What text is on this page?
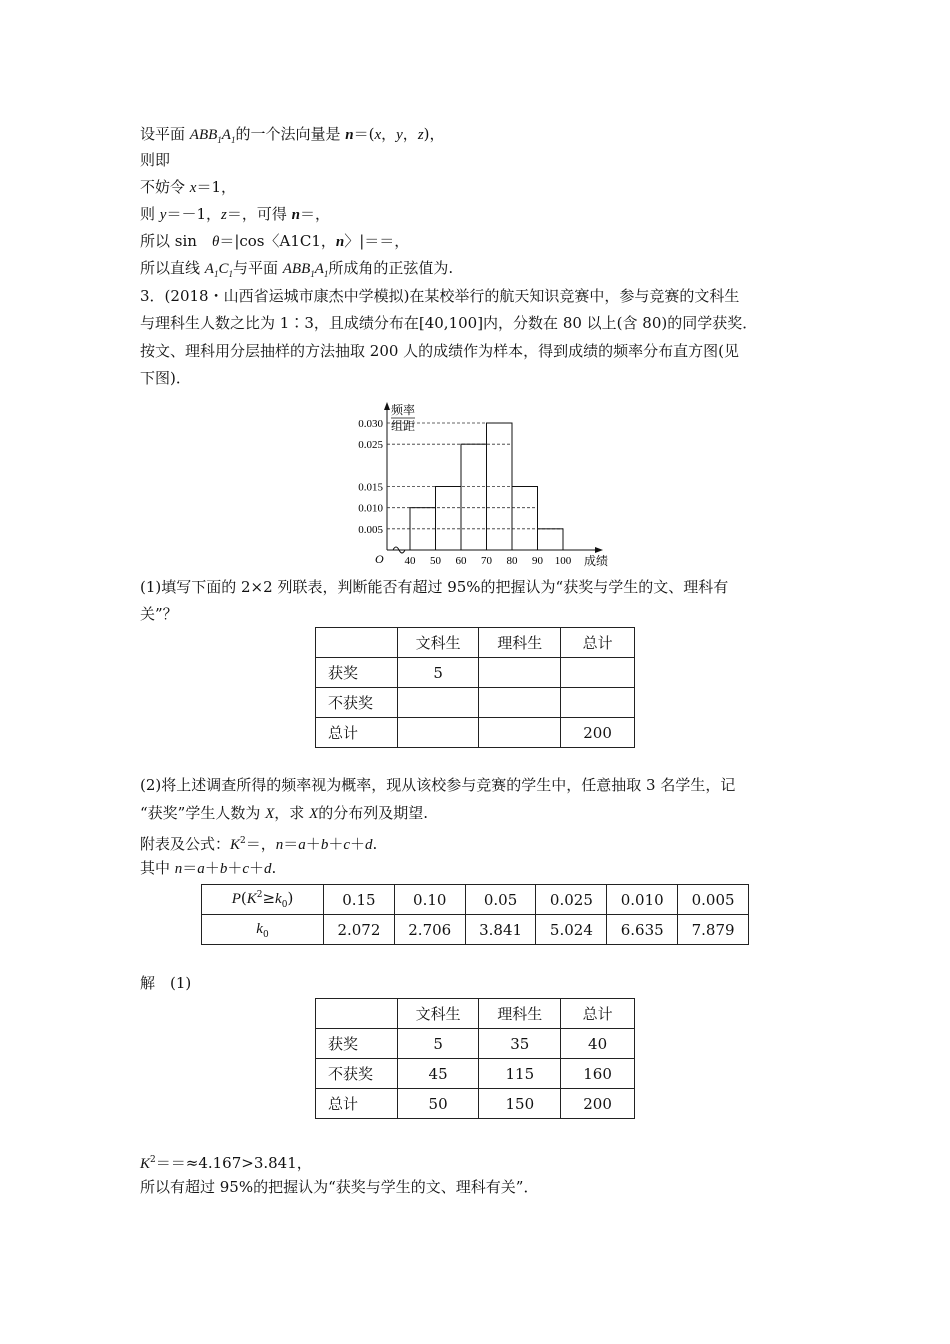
设平面 $ABB_1A_1$的一个法向量是 n＝(x，y，z)，
则即
不妨令 x＝1，
则 y＝－1，z＝，可得 n＝，
所以 sin　θ＝|cos〈A1C1，n〉|＝＝，
所以直线 $A_1C_1$与平面 $ABB_1A_1$所成角的正弦值为.
3．(2018・山西省运城市康杰中学模拟)在某校举行的航天知识竞赛中，参与竞赛的文科生
与理科生人数之比为 1∶3，且成绩分布在[40,100]内，分数在 80 以上(含 80)的同学获奖．
按文、理科用分层抽样的方法抽取 200 人的成绩作为样本，得到成绩的频率分布直方图(见
下图)．
频率
组距
O	成绩
0.005
0.010
0.015
0.025
0.030
40 50 60 70 80 90 100
(1)填写下面的 2×2 列联表，判断能否有超过 95%的把握认为“获奖与学生的文、理科有
关”？
	文科生	理科生	总计
获奖	5		
不获奖			
总计			200
(2)将上述调查所得的频率视为概率，现从该校参与竞赛的学生中，任意抽取 3 名学生，记
“获奖”学生人数为 X，求 X的分布列及期望.
附表及公式：$K^2=$，n＝a＋b＋c＋d.
其中 n＝a＋b＋c＋d.
$P(K^2\ge k_0)$	0.15	0.10	0.05	0.025	0.010	0.005
$k_0$	2.072	2.706	3.841	5.024	6.635	7.879
解　(1)
	文科生	理科生	总计
获奖	5	35	40
不获奖	45	115	160
总计	50	150	200
$K^2==\approx 4.167>3.841$，
所以有超过 95%的把握认为“获奖与学生的文、理科有关”．
